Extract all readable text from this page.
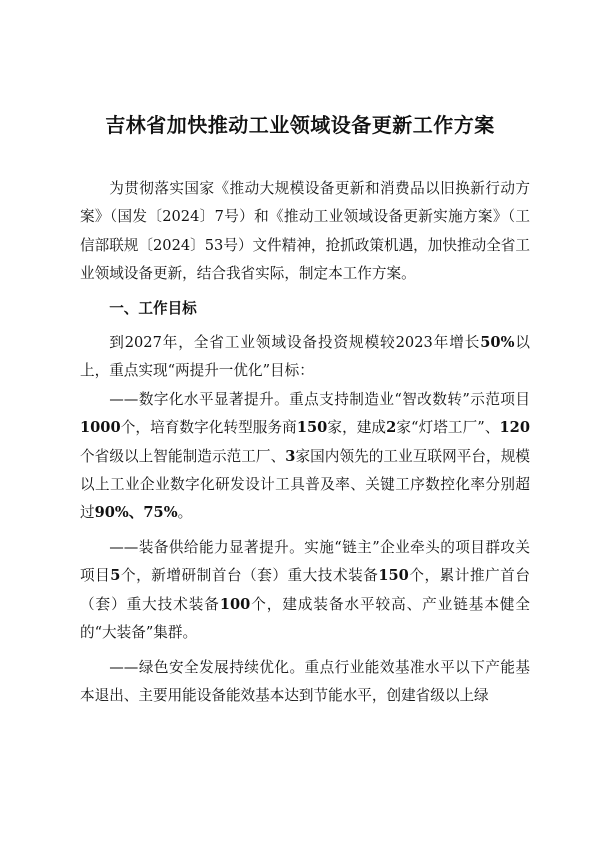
吉林省加快推动工业领域设备更新工作方案

为贯彻落实国家《推动大规模设备更新和消费品以旧换新行动方案》（国发〔2024〕7号）和《推动工业领域设备更新实施方案》（工信部联规〔2024〕53号）文件精神，抢抓政策机遇，加快推动全省工业领域设备更新，结合我省实际，制定本工作方案。

一、工作目标

到2027年，全省工业领域设备投资规模较2023年增长50%以上，重点实现“两提升一优化”目标：

——数字化水平显著提升。重点支持制造业“智改数转”示范项目1000个，培育数字化转型服务商150家，建成2家“灯塔工厂”、120个省级以上智能制造示范工厂、3家国内领先的工业互联网平台，规模以上工业企业数字化研发设计工具普及率、关键工序数控化率分别超过90%、75%。

——装备供给能力显著提升。实施“链主”企业牵头的项目群攻关项目5个，新增研制首台（套）重大技术装备150个，累计推广首台（套）重大技术装备100个，建成装备水平较高、产业链基本健全的“大装备”集群。

——绿色安全发展持续优化。重点行业能效基准水平以下产能基本退出、主要用能设备能效基本达到节能水平，创建省级以上绿
